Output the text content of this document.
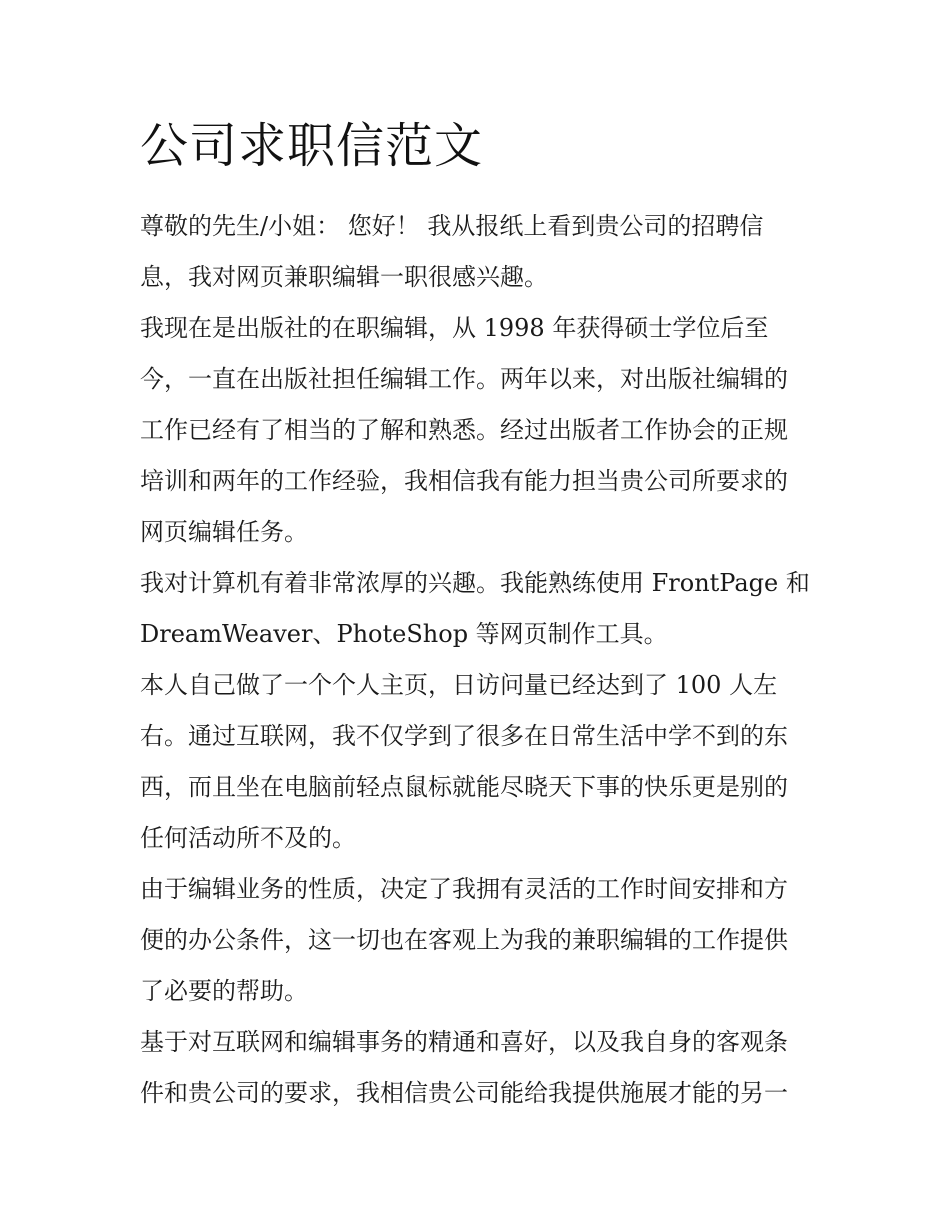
公司求职信范文
尊敬的先生/小姐： 您好！ 我从报纸上看到贵公司的招聘信
息，我对网页兼职编辑一职很感兴趣。
我现在是出版社的在职编辑，从 1998 年获得硕士学位后至
今，一直在出版社担任编辑工作。两年以来，对出版社编辑的
工作已经有了相当的了解和熟悉。经过出版者工作协会的正规
培训和两年的工作经验，我相信我有能力担当贵公司所要求的
网页编辑任务。
我对计算机有着非常浓厚的兴趣。我能熟练使用 FrontPage 和
DreamWeaver、PhoteShop 等网页制作工具。
本人自己做了一个个人主页，日访问量已经达到了 100 人左
右。通过互联网，我不仅学到了很多在日常生活中学不到的东
西，而且坐在电脑前轻点鼠标就能尽晓天下事的快乐更是别的
任何活动所不及的。
由于编辑业务的性质，决定了我拥有灵活的工作时间安排和方
便的办公条件，这一切也在客观上为我的兼职编辑的工作提供
了必要的帮助。
基于对互联网和编辑事务的精通和喜好，以及我自身的客观条
件和贵公司的要求，我相信贵公司能给我提供施展才能的另一
